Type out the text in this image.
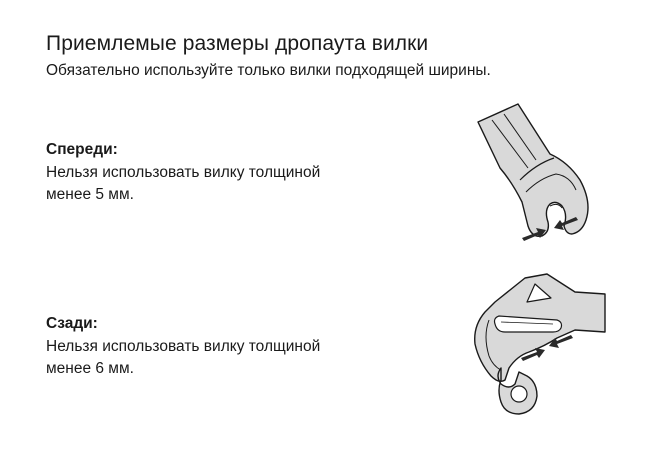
Приемлемые размеры дропаута вилки

Обязательно используйте только вилки подходящей ширины.

Спереди:

Нельзя использовать вилку толщиной
менее 5 мм.

Сзади:

Нельзя использовать вилку толщиной
менее 6 мм.
